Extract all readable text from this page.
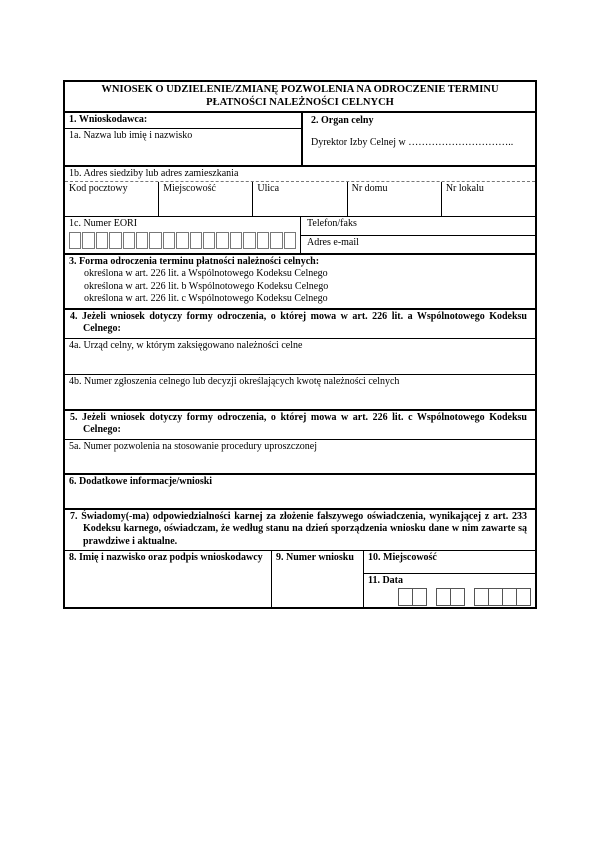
WNIOSEK O UDZIELENIE/ZMIANĘ POZWOLENIA NA ODROCZENIE TERMINU PŁATNOŚCI NALEŻNOŚCI CELNYCH
1. Wnioskodawca:
1a. Nazwa lub imię i nazwisko
2. Organ celny
Dyrektor Izby Celnej w …………………………..
1b. Adres siedziby lub adres zamieszkania
Kod pocztowy	Miejscowość	Ulica	Nr domu	Nr lokalu
1c. Numer EORI	Telefon/faks
Adres e-mail
3. Forma odroczenia terminu płatności należności celnych:
określona w art. 226 lit. a Wspólnotowego Kodeksu Celnego
określona w art. 226 lit. b Wspólnotowego Kodeksu Celnego
określona w art. 226 lit. c Wspólnotowego Kodeksu Celnego
4. Jeżeli wniosek dotyczy formy odroczenia, o której mowa w art. 226 lit. a Wspólnotowego Kodeksu Celnego:
4a. Urząd celny, w którym zaksięgowano należności celne
4b. Numer zgłoszenia celnego lub decyzji określających kwotę należności celnych
5. Jeżeli wniosek dotyczy formy odroczenia, o której mowa w art. 226 lit. c Wspólnotowego Kodeksu Celnego:
5a. Numer pozwolenia na stosowanie procedury uproszczonej
6. Dodatkowe informacje/wnioski
7. Świadomy(-ma) odpowiedzialności karnej za złożenie fałszywego oświadczenia, wynikającej z art. 233 Kodeksu karnego, oświadczam, że według stanu na dzień sporządzenia wniosku dane w nim zawarte są prawdziwe i aktualne.
8. Imię i nazwisko oraz podpis wnioskodawcy	9. Numer wniosku	10. Miejscowość
11. Data
